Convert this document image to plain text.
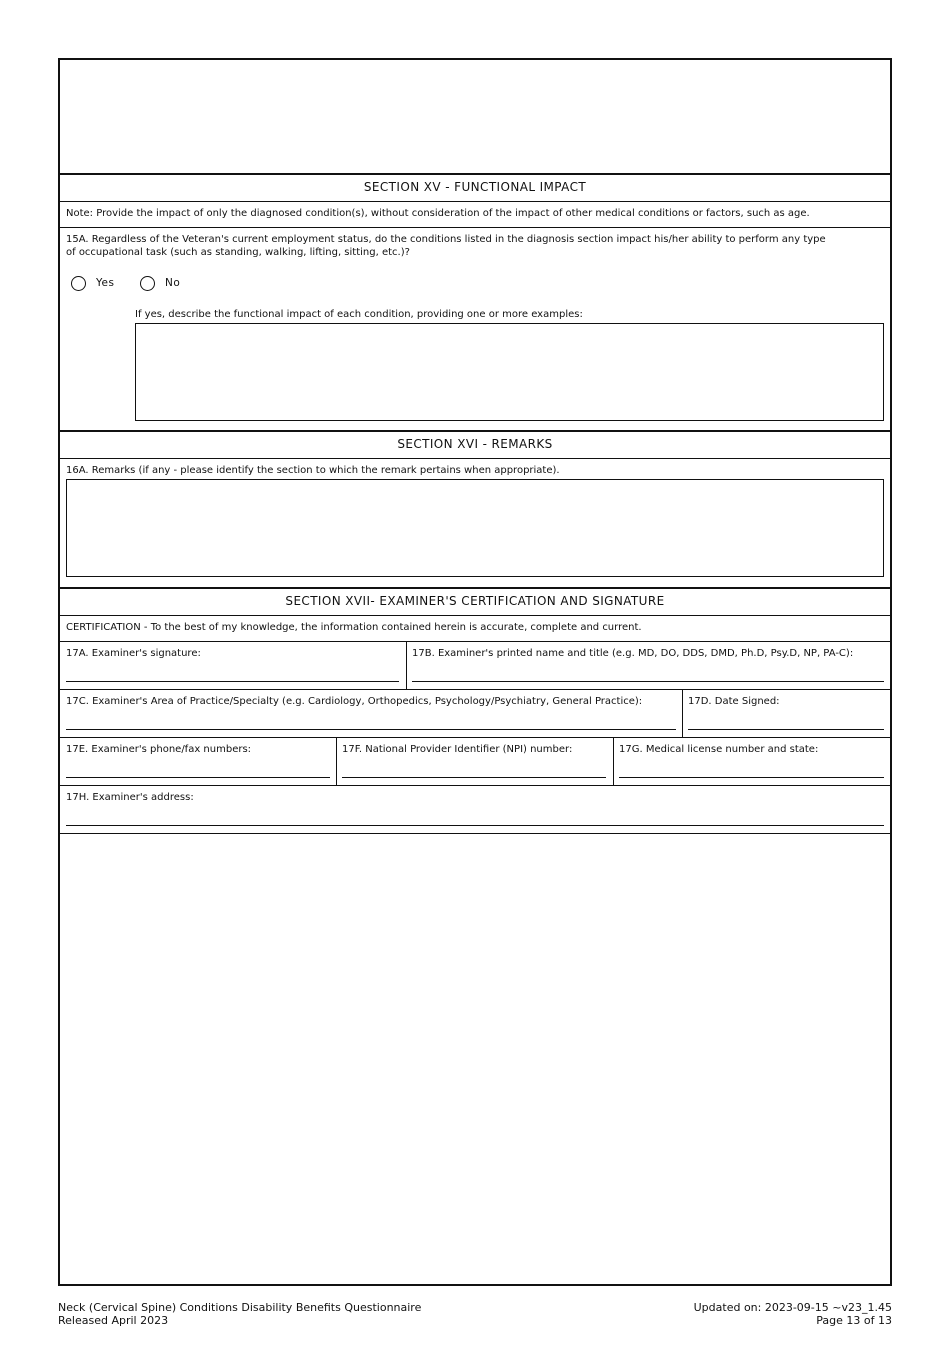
SECTION XV - FUNCTIONAL IMPACT
Note: Provide the impact of only the diagnosed condition(s), without consideration of the impact of other medical conditions or factors, such as age.
15A. Regardless of the Veteran's current employment status, do the conditions listed in the diagnosis section impact his/her ability to perform any type of occupational task (such as standing, walking, lifting, sitting, etc.)?
Yes	No
If yes, describe the functional impact of each condition, providing one or more examples:
SECTION XVI - REMARKS
16A. Remarks (if any - please identify the section to which the remark pertains when appropriate).
SECTION XVII- EXAMINER'S CERTIFICATION AND SIGNATURE
CERTIFICATION - To the best of my knowledge, the information contained herein is accurate, complete and current.
17A. Examiner's signature:	17B. Examiner's printed name and title (e.g. MD, DO, DDS, DMD, Ph.D, Psy.D, NP, PA-C):
17C. Examiner's Area of Practice/Specialty (e.g. Cardiology, Orthopedics, Psychology/Psychiatry, General Practice):	17D. Date Signed:
17E. Examiner's phone/fax numbers:	17F. National Provider Identifier (NPI) number:	17G. Medical license number and state:
17H. Examiner's address:
Neck (Cervical Spine) Conditions Disability Benefits Questionnaire
Released April 2023
Updated on: 2023-09-15 ~v23_1.45
Page 13 of 13
